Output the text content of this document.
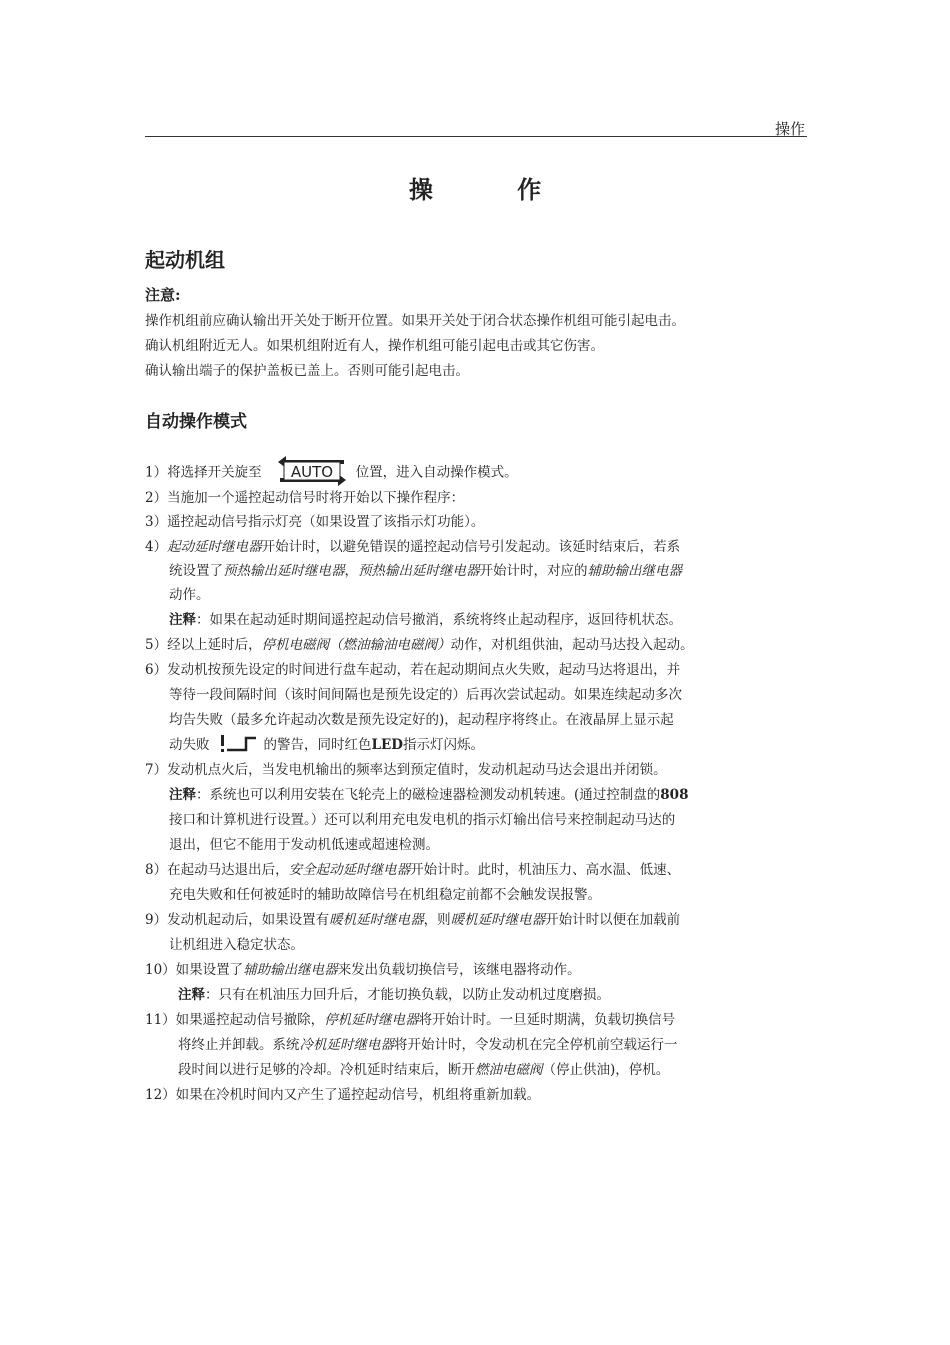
操作
操 作
起动机组
注意:
操作机组前应确认输出开关处于断开位置。如果开关处于闭合状态操作机组可能引起电击。
确认机组附近无人。如果机组附近有人，操作机组可能引起电击或其它伤害。
确认输出端子的保护盖板已盖上。否则可能引起电击。
自动操作模式
1）将选择开关旋至 AUTO 位置，进入自动操作模式。
2）当施加一个遥控起动信号时将开始以下操作程序：
3）遥控起动信号指示灯亮（如果设置了该指示灯功能）。
4）起动延时继电器开始计时，以避免错误的遥控起动信号引发起动。该延时结束后，若系
统设置了预热输出延时继电器，预热输出延时继电器开始计时，对应的辅助输出继电器
动作。
注释：如果在起动延时期间遥控起动信号撤消，系统将终止起动程序，返回待机状态。
5）经以上延时后，停机电磁阀（燃油输油电磁阀）动作，对机组供油，起动马达投入起动。
6）发动机按预先设定的时间进行盘车起动，若在起动期间点火失败，起动马达将退出，并
等待一段间隔时间（该时间间隔也是预先设定的）后再次尝试起动。如果连续起动多次
均告失败（最多允许起动次数是预先设定好的)，起动程序将终止。在液晶屏上显示起
动失败	的警告，同时红色LED指示灯闪烁。
7）发动机点火后，当发电机输出的频率达到预定值时，发动机起动马达会退出并闭锁。
注释：系统也可以利用安装在飞轮壳上的磁检速器检测发动机转速。(通过控制盘的808
接口和计算机进行设置。）还可以利用充电发电机的指示灯输出信号来控制起动马达的
退出，但它不能用于发动机低速或超速检测。
8）在起动马达退出后，安全起动延时继电器开始计时。此时，机油压力、高水温、低速、
充电失败和任何被延时的辅助故障信号在机组稳定前都不会触发误报警。
9）发动机起动后，如果设置有暖机延时继电器，则暖机延时继电器开始计时以便在加载前
让机组进入稳定状态。
10）如果设置了辅助输出继电器来发出负载切换信号，该继电器将动作。
注释：只有在机油压力回升后，才能切换负载，以防止发动机过度磨损。
11）如果遥控起动信号撤除，停机延时继电器将开始计时。一旦延时期满，负载切换信号
将终止并卸载。系统冷机延时继电器将开始计时，令发动机在完全停机前空载运行一
段时间以进行足够的冷却。冷机延时结束后，断开燃油电磁阀（停止供油)，停机。
12）如果在冷机时间内又产生了遥控起动信号，机组将重新加载。
